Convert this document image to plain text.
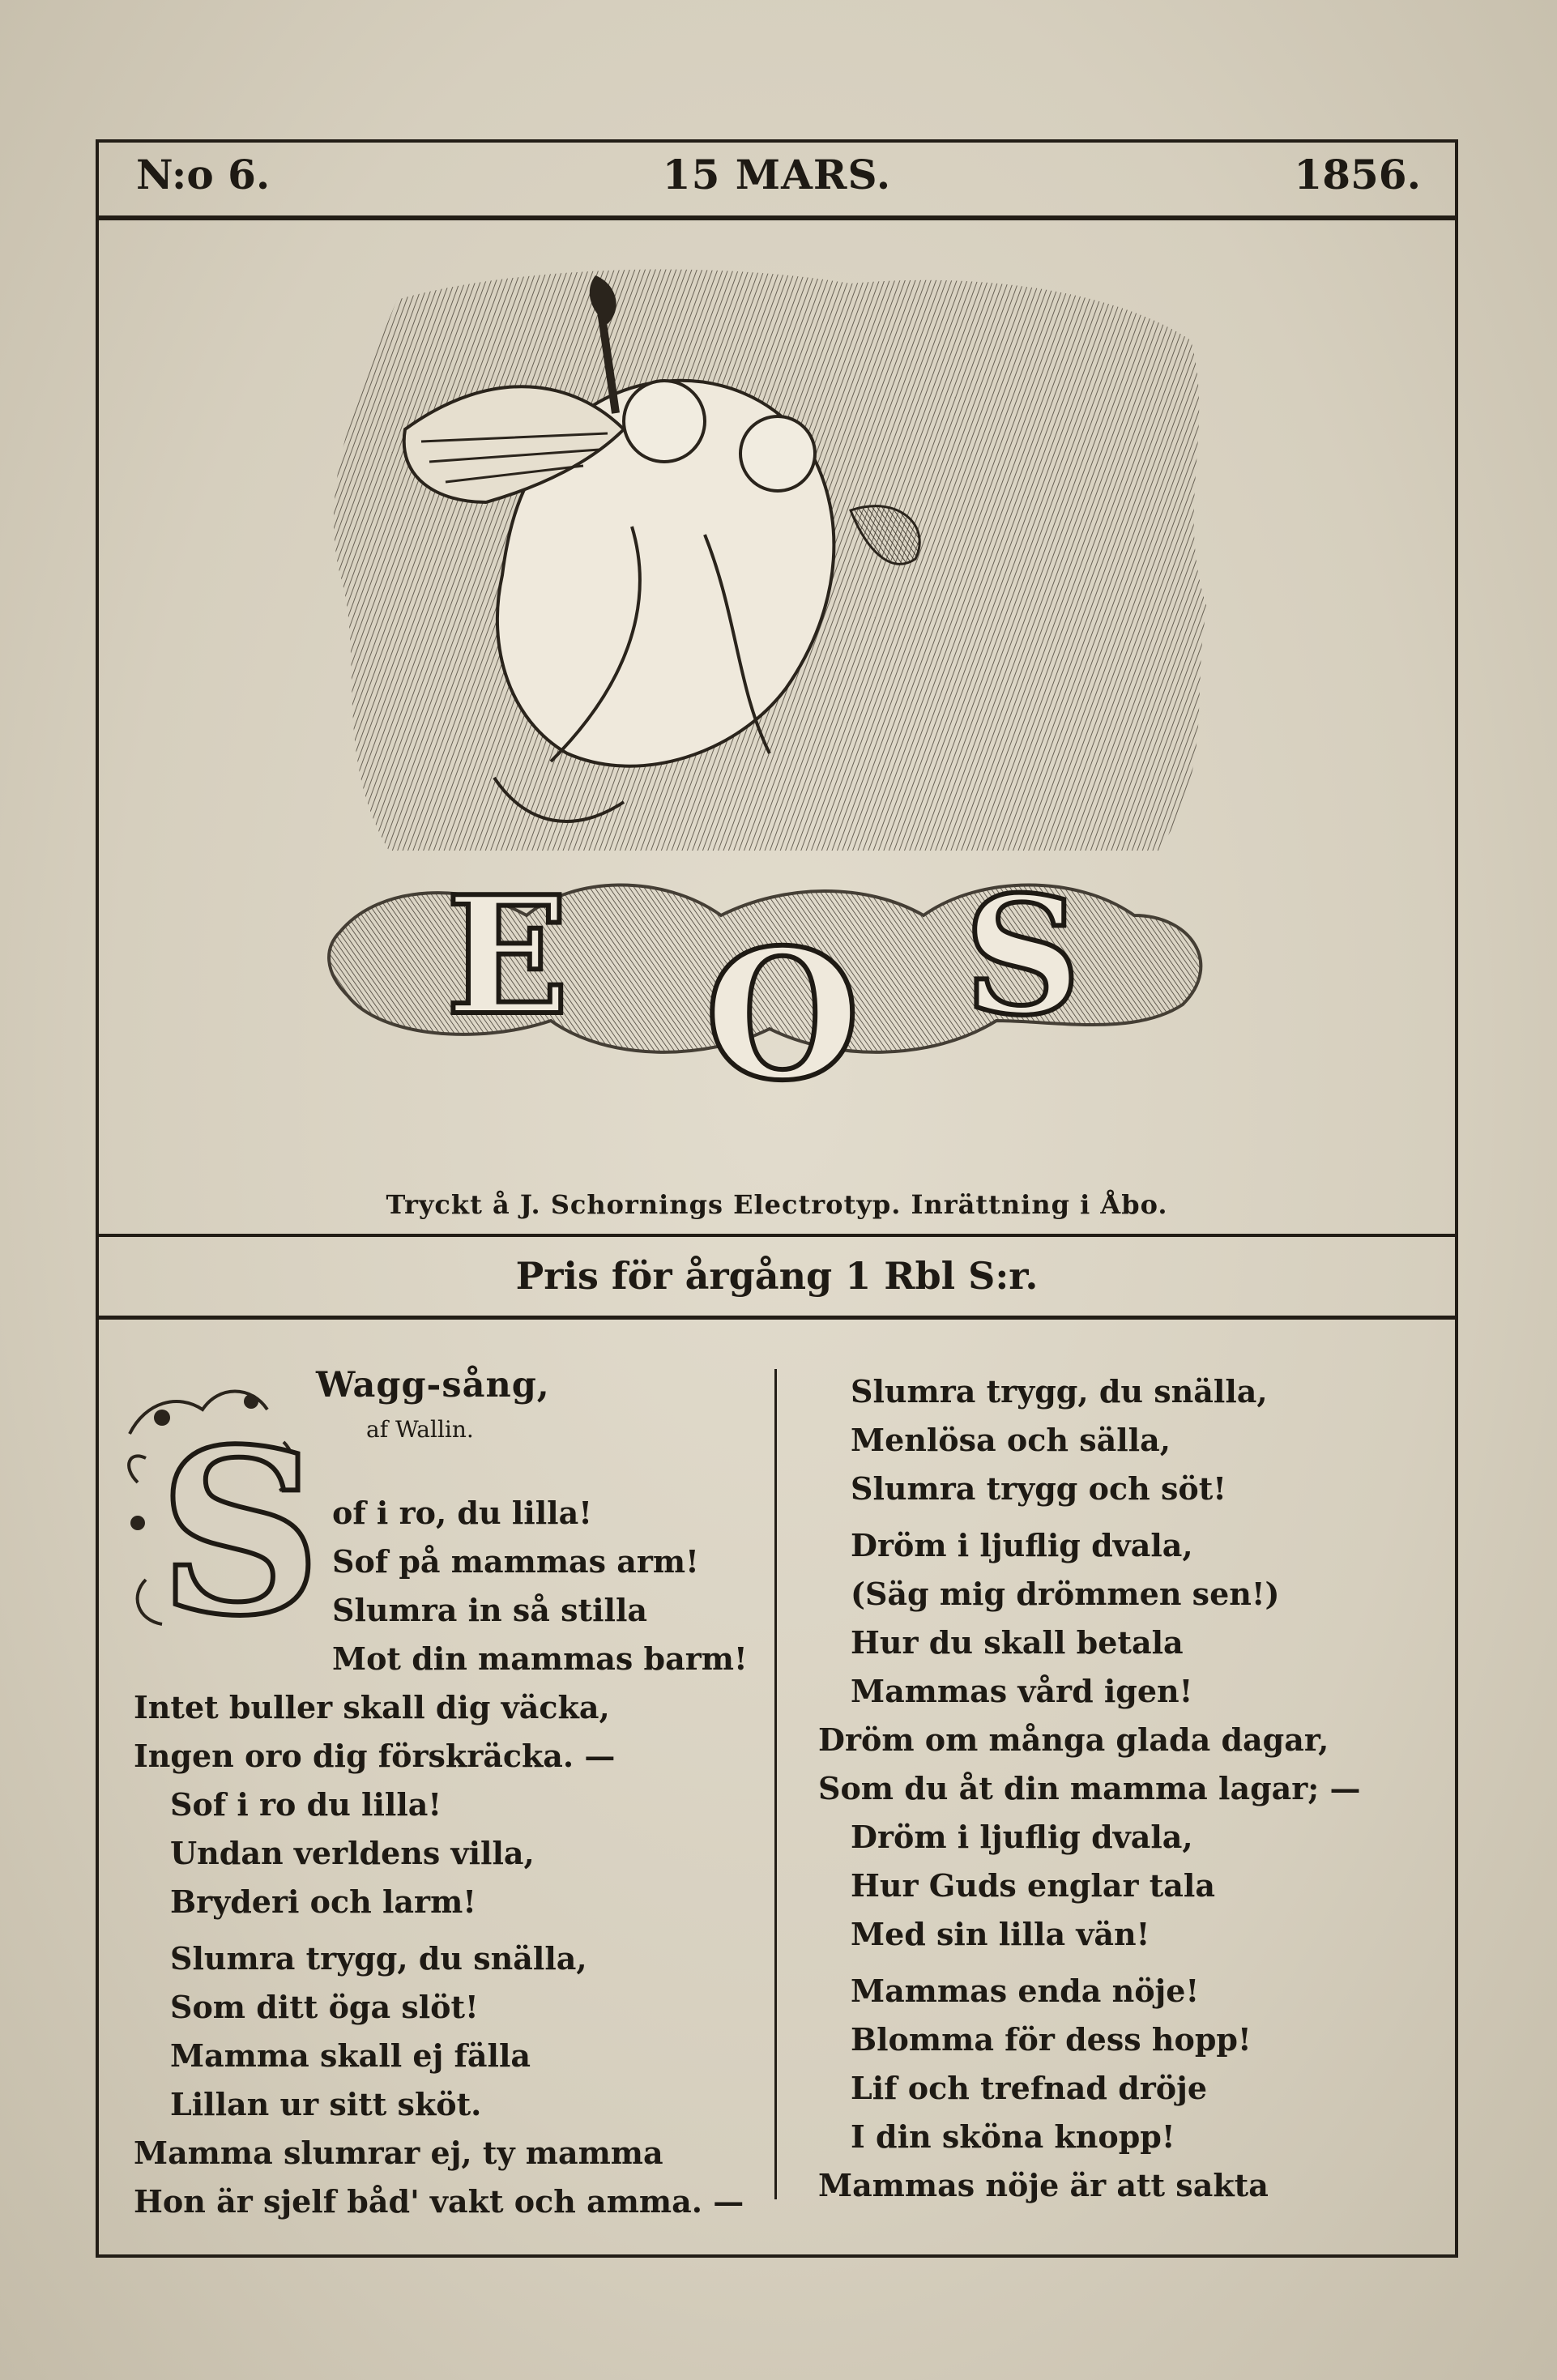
N:o 6.	15 MARS.	1856.
E O S
Tryckt å J. Schornings Electrotyp. Inrättning i Åbo.
Pris för årgång 1 Rbl S:r.
S
Wagg-sång,
af Wallin.
of i ro, du lilla!
Sof på mammas arm!
Slumra in så stilla
Mot din mammas barm!
Intet buller skall dig väcka,
Ingen oro dig förskräcka. —
Sof i ro du lilla!
Undan verldens villa,
Bryderi och larm!
Slumra trygg, du snälla,
Som ditt öga slöt!
Mamma skall ej fälla
Lillan ur sitt sköt.
Mamma slumrar ej, ty mamma
Hon är sjelf båd' vakt och amma. —
Slumra trygg, du snälla,
Menlösa och sälla,
Slumra trygg och söt!
Dröm i ljuflig dvala,
(Säg mig drömmen sen!)
Hur du skall betala
Mammas vård igen!
Dröm om många glada dagar,
Som du åt din mamma lagar; —
Dröm i ljuflig dvala,
Hur Guds englar tala
Med sin lilla vän!
Mammas enda nöje!
Blomma för dess hopp!
Lif och trefnad dröje
I din sköna knopp!
Mammas nöje är att sakta
